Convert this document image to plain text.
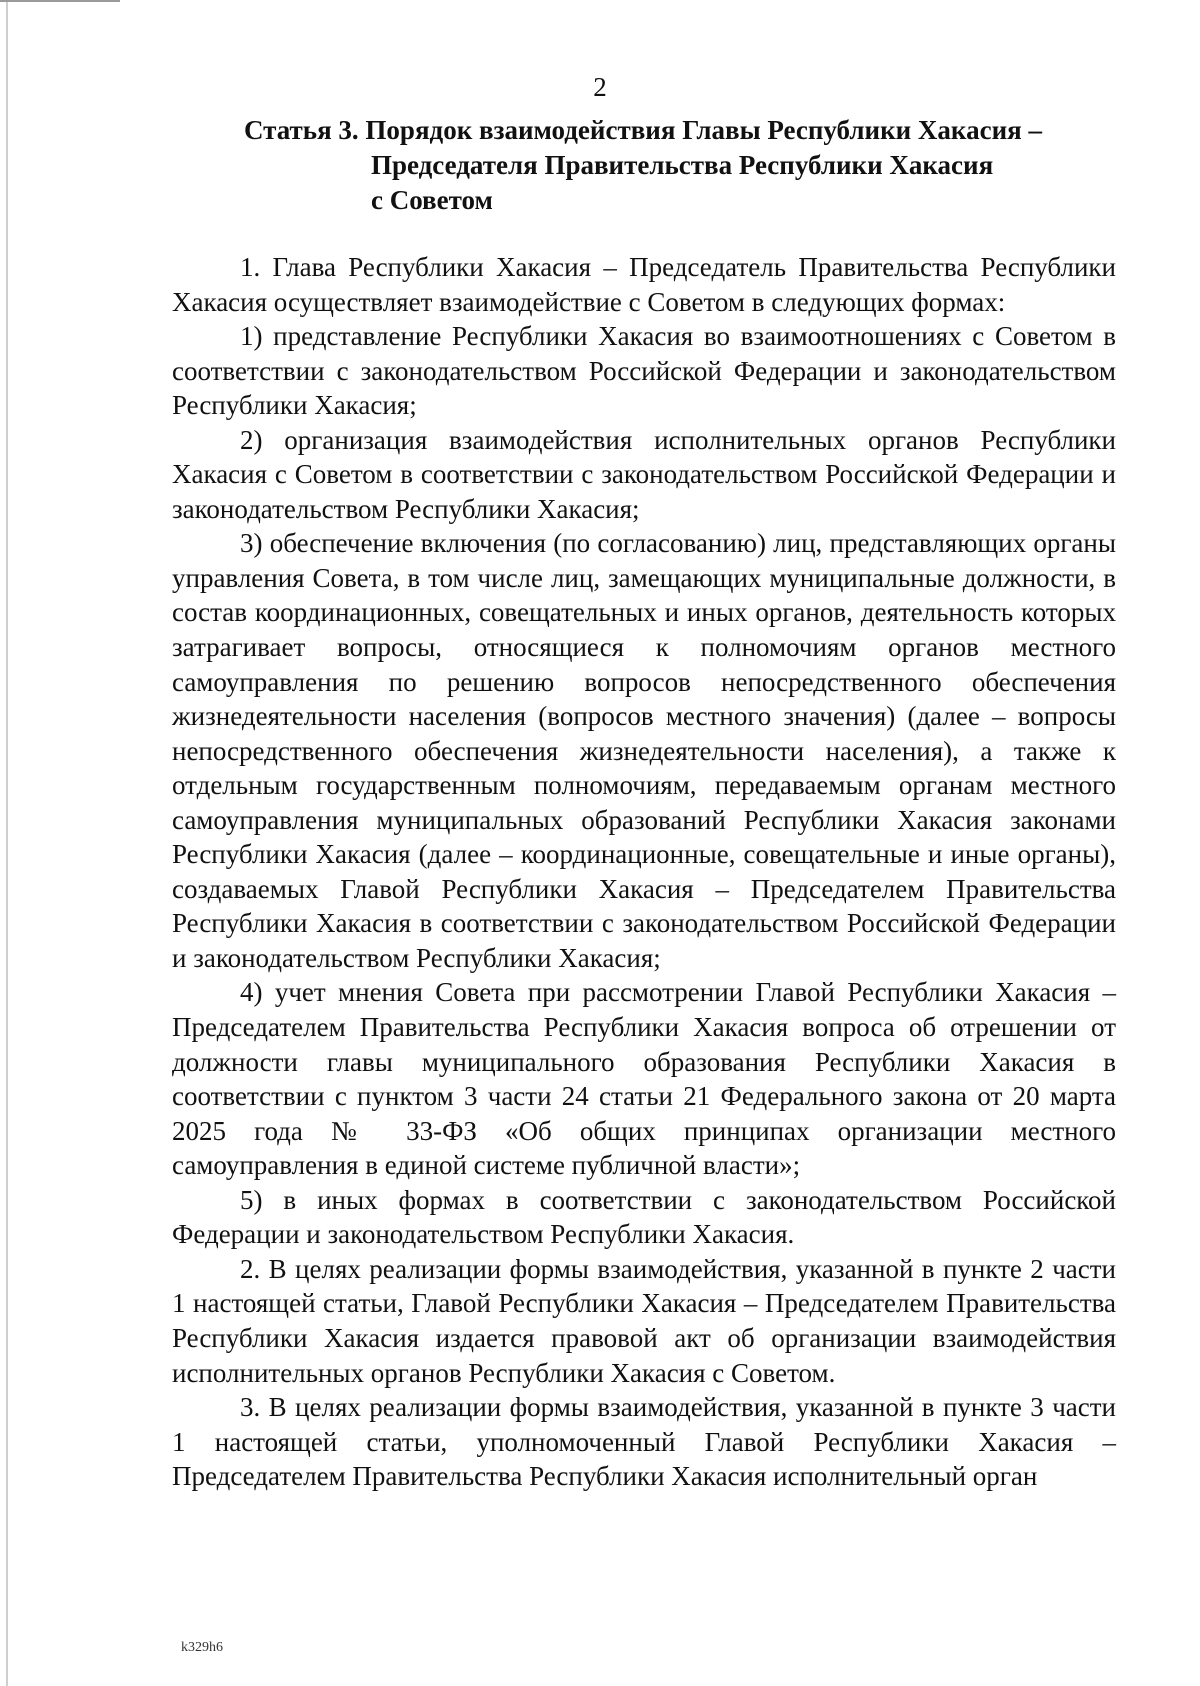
2
Статья 3. Порядок взаимодействия Главы Республики Хакасия –
Председателя Правительства Республики Хакасия
с Советом

1. Глава Республики Хакасия – Председатель Правительства Республики Хакасия осуществляет взаимодействие с Советом в следующих формах:

1) представление Республики Хакасия во взаимоотношениях с Советом в соответствии с законодательством Российской Федерации и законодательством Республики Хакасия;

2) организация взаимодействия исполнительных органов Республики Хакасия с Советом в соответствии с законодательством Российской Федерации и законодательством Республики Хакасия;

3) обеспечение включения (по согласованию) лиц, представляющих органы управления Совета, в том числе лиц, замещающих муниципальные должности, в состав координационных, совещательных и иных органов, деятельность которых затрагивает вопросы, относящиеся к полномочиям органов местного самоуправления по решению вопросов непосредственного обеспечения жизнедеятельности населения (вопросов местного значения) (далее – вопросы непосредственного обеспечения жизнедеятельности населения), а также к отдельным государственным полномочиям, передаваемым органам местного самоуправления муниципальных образований Республики Хакасия законами Республики Хакасия (далее – координационные, совещательные и иные органы), создаваемых Главой Республики Хакасия – Председателем Правительства Республики Хакасия в соответствии с законодательством Российской Федерации и законодательством Республики Хакасия;

4) учет мнения Совета при рассмотрении Главой Республики Хакасия – Председателем Правительства Республики Хакасия вопроса об отрешении от должности главы муниципального образования Республики Хакасия в соответствии с пунктом 3 части 24 статьи 21 Федерального закона от 20 марта 2025 года № 33-ФЗ «Об общих принципах организации местного самоуправления в единой системе публичной власти»;

5) в иных формах в соответствии с законодательством Российской Федерации и законодательством Республики Хакасия.

2. В целях реализации формы взаимодействия, указанной в пункте 2 части 1 настоящей статьи, Главой Республики Хакасия – Председателем Правительства Республики Хакасия издается правовой акт об организации взаимодействия исполнительных органов Республики Хакасия с Советом.

3. В целях реализации формы взаимодействия, указанной в пункте 3 части 1 настоящей статьи, уполномоченный Главой Республики Хакасия – Председателем Правительства Республики Хакасия исполнительный орган

k329h6
